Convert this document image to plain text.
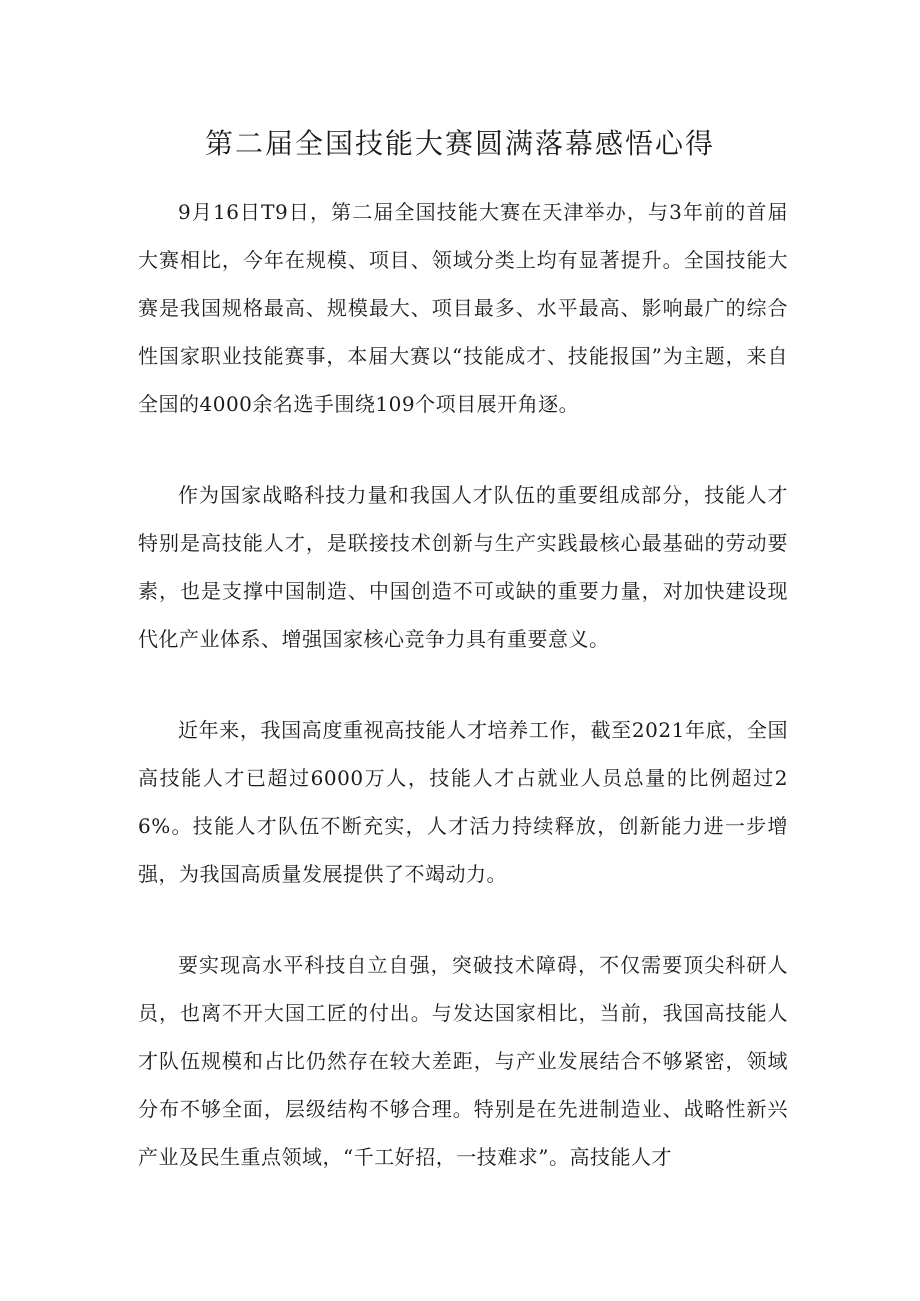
第二届全国技能大赛圆满落幕感悟心得

9月16日T9日，第二届全国技能大赛在天津举办，与3年前的首届大赛相比，今年在规模、项目、领域分类上均有显著提升。全国技能大赛是我国规格最高、规模最大、项目最多、水平最高、影响最广的综合性国家职业技能赛事，本届大赛以“技能成才、技能报国”为主题，来自全国的4000余名选手围绕109个项目展开角逐。

作为国家战略科技力量和我国人才队伍的重要组成部分，技能人才特别是高技能人才，是联接技术创新与生产实践最核心最基础的劳动要素，也是支撑中国制造、中国创造不可或缺的重要力量，对加快建设现代化产业体系、增强国家核心竞争力具有重要意义。

近年来，我国高度重视高技能人才培养工作，截至2021年底，全国高技能人才已超过6000万人，技能人才占就业人员总量的比例超过26%。技能人才队伍不断充实，人才活力持续释放，创新能力进一步增强，为我国高质量发展提供了不竭动力。

要实现高水平科技自立自强，突破技术障碍，不仅需要顶尖科研人员，也离不开大国工匠的付出。与发达国家相比，当前，我国高技能人才队伍规模和占比仍然存在较大差距，与产业发展结合不够紧密，领域分布不够全面，层级结构不够合理。特别是在先进制造业、战略性新兴产业及民生重点领域，“千工好招，一技难求”。高技能人才
